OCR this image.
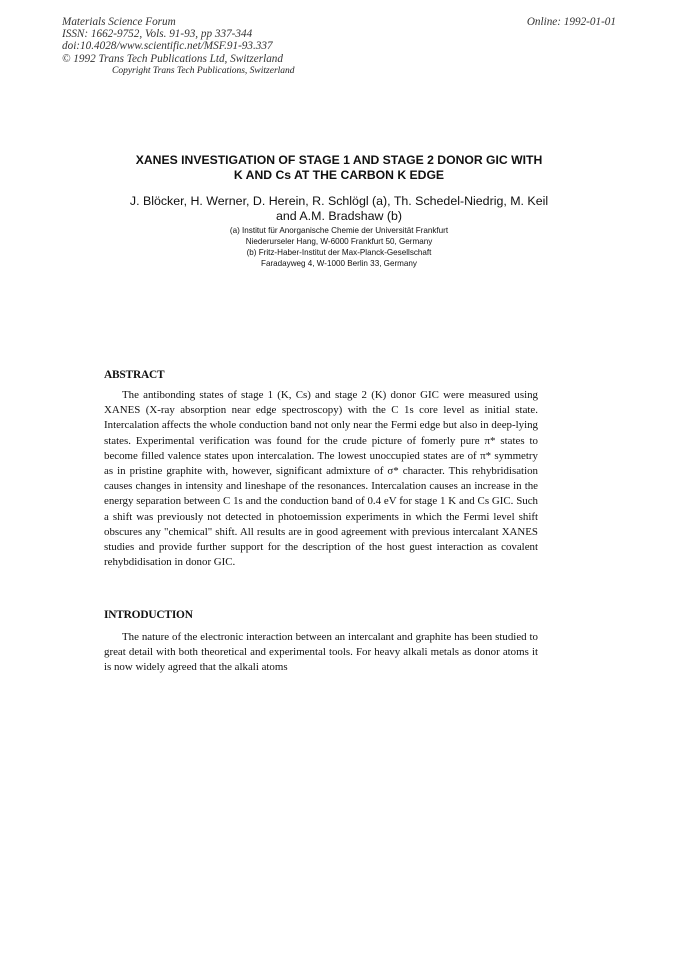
Materials Science Forum
ISSN: 1662-9752, Vols. 91-93, pp 337-344
doi:10.4028/www.scientific.net/MSF.91-93.337
© 1992 Trans Tech Publications Ltd, Switzerland
Online: 1992-01-01
Copyright Trans Tech Publications, Switzerland
XANES INVESTIGATION OF STAGE 1 AND STAGE 2 DONOR GIC WITH
K AND Cs AT THE CARBON K EDGE
J. Blöcker, H. Werner, D. Herein, R. Schlögl (a), Th. Schedel-Niedrig, M. Keil
and A.M. Bradshaw (b)
(a) Institut für Anorganische Chemie der Universität Frankfurt
Niederurseler Hang, W-6000 Frankfurt 50, Germany
(b) Fritz-Haber-Institut der Max-Planck-Gesellschaft
Faradayweg 4, W-1000 Berlin 33, Germany
ABSTRACT

The antibonding states of stage 1 (K, Cs) and stage 2 (K) donor GIC were measured using XANES (X-ray absorption near edge spectroscopy) with the C 1s core level as initial state. Intercalation affects the whole conduction band not only near the Fermi edge but also in deep-lying states. Experimental verification was found for the crude picture of fomerly pure π* states to become filled valence states upon intercalation. The lowest unoccupied states are of π* symmetry as in pristine graphite with, however, significant admixture of σ* character. This rehybridisation causes changes in intensity and lineshape of the resonances. Intercalation causes an increase in the energy separation between C 1s and the conduction band of 0.4 eV for stage 1 K and Cs GIC. Such a shift was previously not detected in photoemission experiments in which the Fermi level shift obscures any "chemical" shift. All results are in good agreement with previous intercalant XANES studies and provide further support for the description of the host guest interaction as covalent rehybdidisation in donor GIC.

INTRODUCTION

The nature of the electronic interaction between an intercalant and graphite has been studied to great detail with both theoretical and experimental tools. For heavy alkali metals as donor atoms it is now widely agreed that the alkali atoms
